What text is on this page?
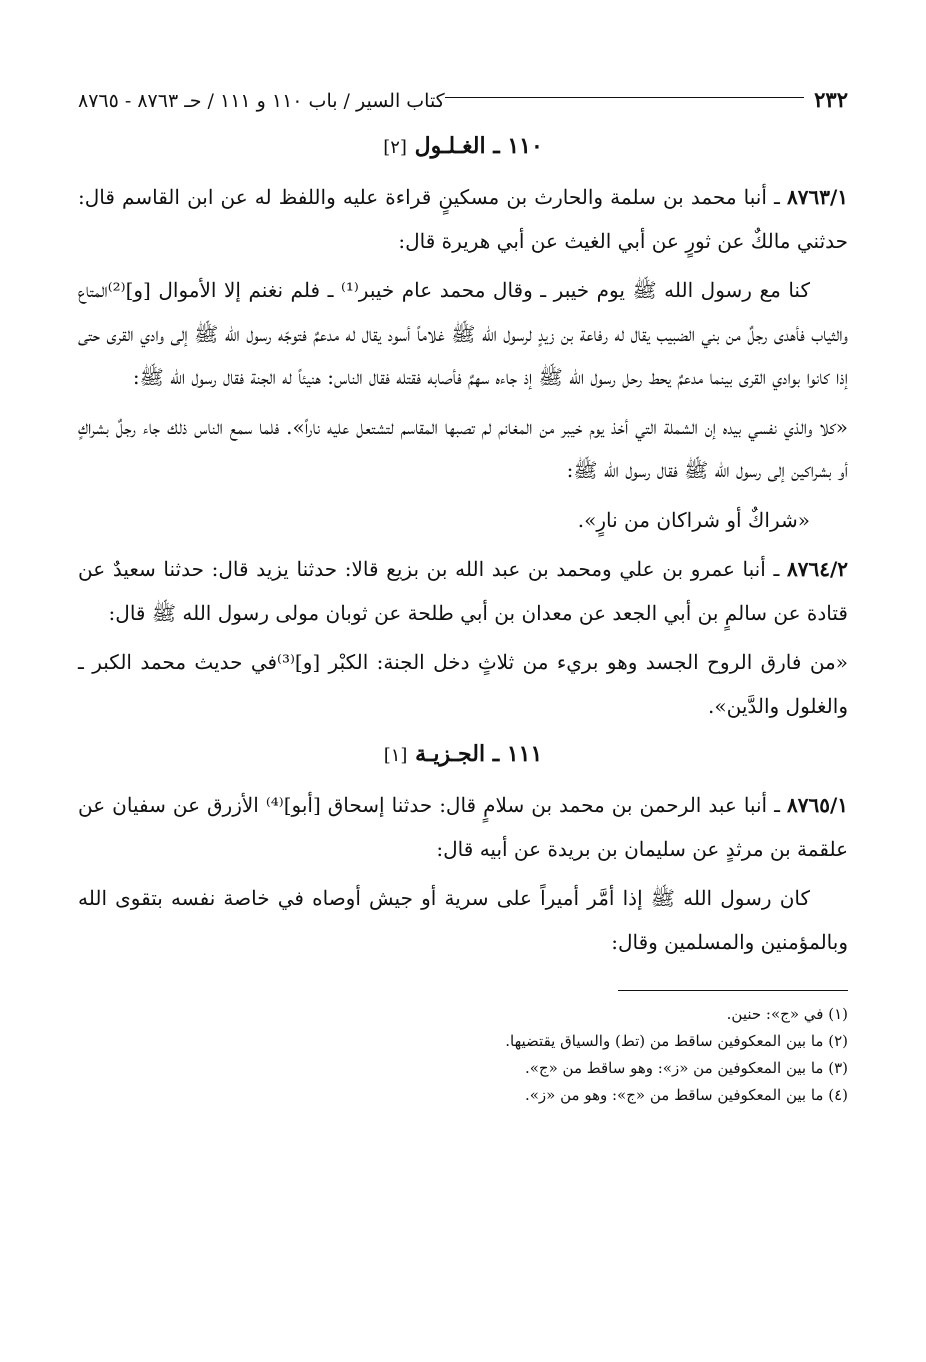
٢٣٢
كتاب السير / باب ١١٠ و ١١١ / حـ ٨٧٦٣ - ٨٧٦٥
١١٠ ـ الغـلـول [٢]

٨٧٦٣/١ ـ أنبا محمد بن سلمة والحارث بن مسكينٍ قراءة عليه واللفظ له عن ابن القاسم قال: حدثني مالكٌ عن ثورٍ عن أبي الغيث عن أبي هريرة قال:

كنا مع رسول الله ﷺ يوم خيبر ـ وقال محمد عام خيبر⁽¹⁾ ـ فلم نغنم إلا الأموال [و]⁽²⁾المتاع والثياب فأهدى رجلٌ من بني الضبيب يقال له رفاعة بن زيدٍ لرسول الله ﷺ غلاماً أسود يقال له مدعمٌ فتوجّه رسول الله ﷺ إلى وادي القرى حتى إذا كانوا بوادي القرى بينما مدعمٌ يحط رحل رسول الله ﷺ إذ جاءه سهمٌ فأصابه فقتله فقال الناس: هنيئاً له الجنة فقال رسول الله ﷺ:

«كلا والذي نفسي بيده إن الشملة التي أخذ يوم خيبر من المغانم لم تصبها المقاسم لتشتعل عليه ناراً». فلما سمع الناس ذلك جاء رجلٌ بشراكٍ أو بشراكين إلى رسول الله ﷺ فقال رسول الله ﷺ:

«شراكٌ أو شراكان من نارٍ».

٨٧٦٤/٢ ـ أنبا عمرو بن علي ومحمد بن عبد الله بن بزيع قالا: حدثنا يزيد قال: حدثنا سعيدٌ عن قتادة عن سالمٍ بن أبي الجعد عن معدان بن أبي طلحة عن ثوبان مولى رسول الله ﷺ قال:

«من فارق الروح الجسد وهو بريء من ثلاثٍ دخل الجنة: الكبْر [و]⁽³⁾في حديث محمد الكبر ـ والغلول والدَّين».

١١١ ـ الجـزيـة [١]

٨٧٦٥/١ ـ أنبا عبد الرحمن بن محمد بن سلامٍ قال: حدثنا إسحاق [أبو]⁽⁴⁾ الأزرق عن سفيان عن علقمة بن مرثدٍ عن سليمان بن بريدة عن أبيه قال:

كان رسول الله ﷺ إذا أمَّر أميراً على سرية أو جيش أوصاه في خاصة نفسه بتقوى الله وبالمؤمنين والمسلمين وقال:

(١) في «ج»: حنين.
(٢) ما بين المعكوفين ساقط من (تط) والسياق يقتضيها.
(٣) ما بين المعكوفين من «ز»: وهو ساقط من «ج».
(٤) ما بين المعكوفين ساقط من «ج»: وهو من «ز».
